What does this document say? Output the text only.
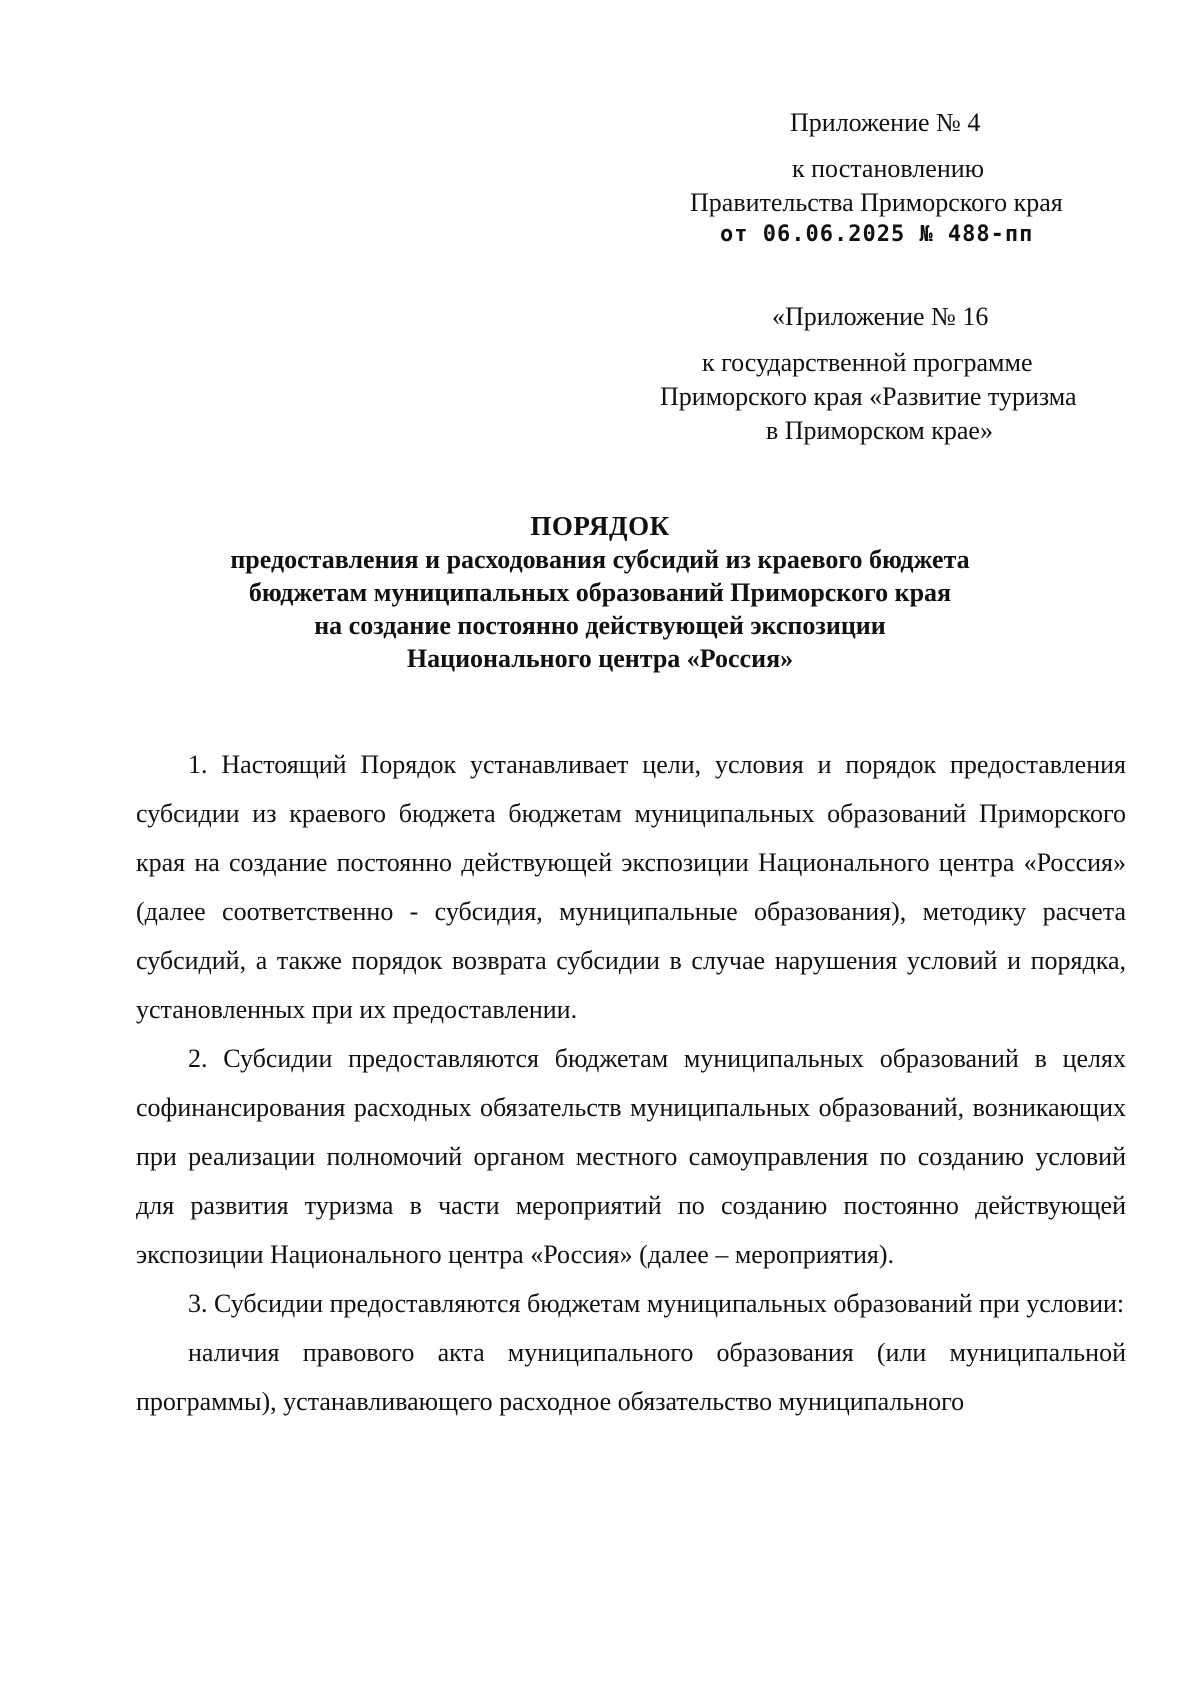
Приложение № 4
к постановлению
Правительства Приморского края
от 06.06.2025 № 488-пп
«Приложение № 16
к государственной программе
Приморского края «Развитие туризма
в Приморском крае»
ПОРЯДОК
предоставления и расходования субсидий из краевого бюджета
бюджетам муниципальных образований Приморского края
на создание постоянно действующей экспозиции
Национального центра «Россия»

1. Настоящий Порядок устанавливает цели, условия и порядок предоставления субсидии из краевого бюджета бюджетам муниципальных образований Приморского края на создание постоянно действующей экспозиции Национального центра «Россия» (далее соответственно - субсидия, муниципальные образования), методику расчета субсидий, а также порядок возврата субсидии в случае нарушения условий и порядка, установленных при их предоставлении.

2. Субсидии предоставляются бюджетам муниципальных образований в целях софинансирования расходных обязательств муниципальных образований, возникающих при реализации полномочий органом местного самоуправления по созданию условий для развития туризма в части мероприятий по созданию постоянно действующей экспозиции Национального центра «Россия» (далее – мероприятия).

3. Субсидии предоставляются бюджетам муниципальных образований при условии:

наличия правового акта муниципального образования (или муниципальной программы), устанавливающего расходное обязательство муниципального
